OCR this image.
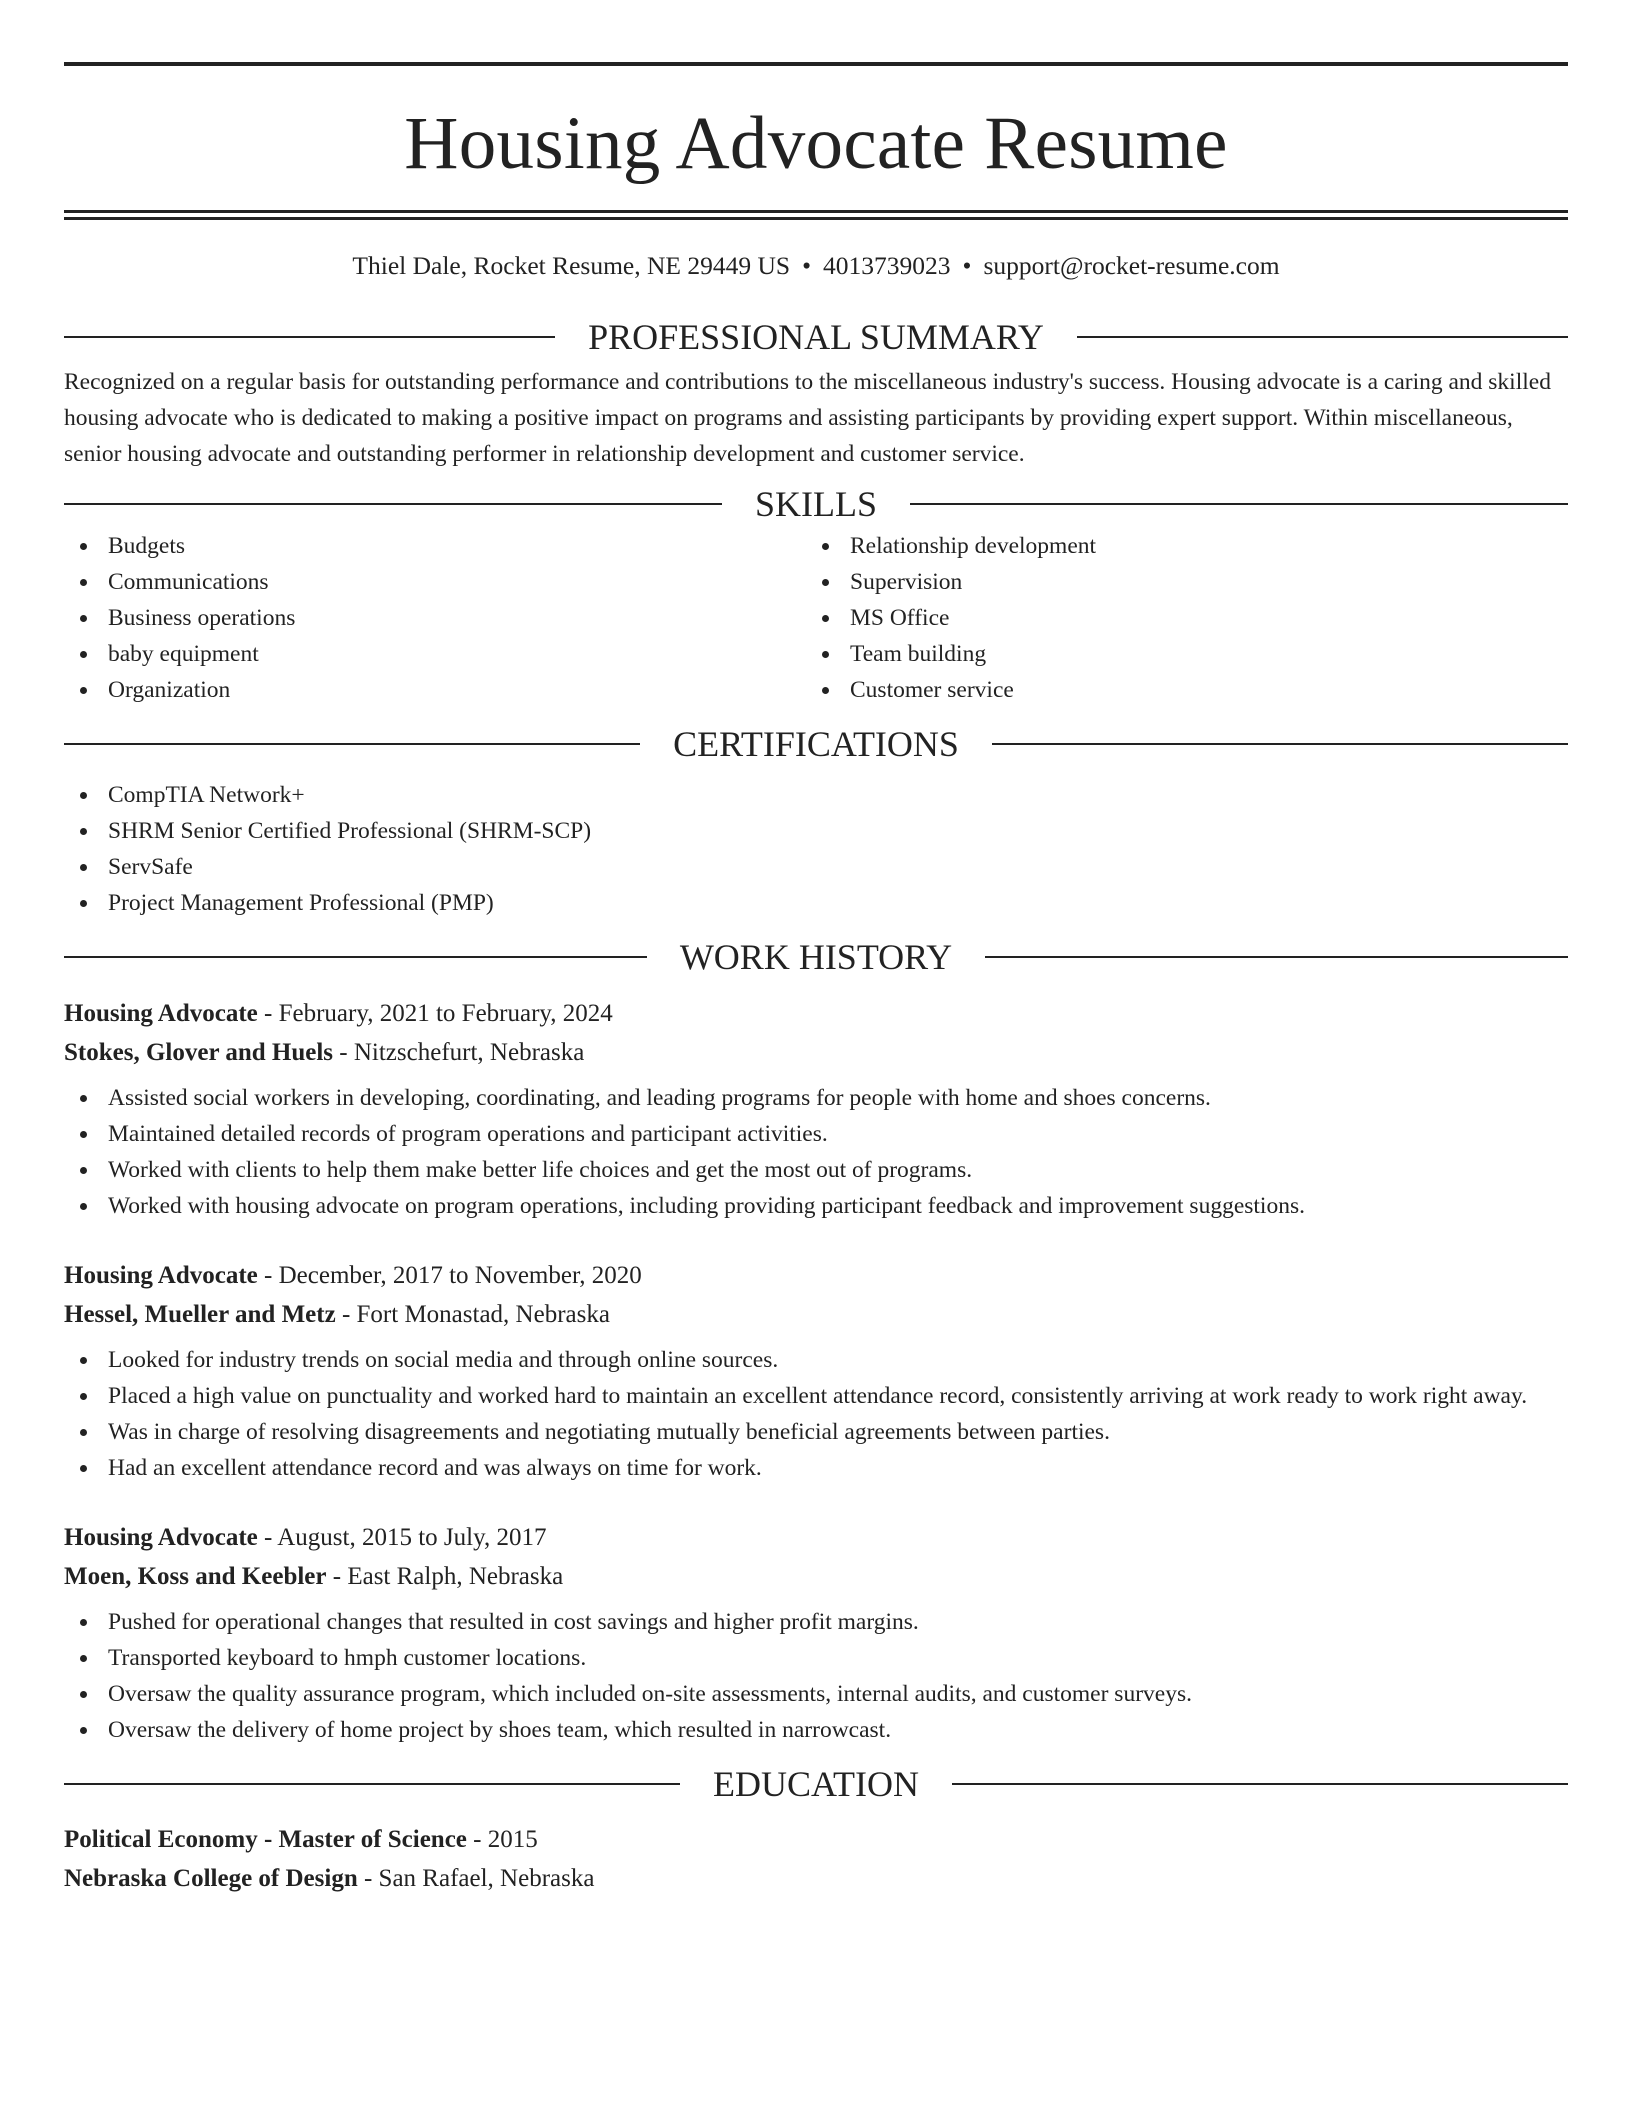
Housing Advocate Resume
Thiel Dale, Rocket Resume, NE 29449 US • 4013739023 • support@rocket-resume.com
PROFESSIONAL SUMMARY

Recognized on a regular basis for outstanding performance and contributions to the miscellaneous industry's success. Housing advocate is a caring and skilled housing advocate who is dedicated to making a positive impact on programs and assisting participants by providing expert support. Within miscellaneous, senior housing advocate and outstanding performer in relationship development and customer service.

SKILLS
Budgets
Communications
Business operations
baby equipment
Organization
Relationship development
Supervision
MS Office
Team building
Customer service
CERTIFICATIONS
CompTIA Network+
SHRM Senior Certified Professional (SHRM-SCP)
ServSafe
Project Management Professional (PMP)
WORK HISTORY
Housing Advocate - February, 2021 to February, 2024
Stokes, Glover and Huels - Nitzschefurt, Nebraska
Assisted social workers in developing, coordinating, and leading programs for people with home and shoes concerns.
Maintained detailed records of program operations and participant activities.
Worked with clients to help them make better life choices and get the most out of programs.
Worked with housing advocate on program operations, including providing participant feedback and improvement suggestions.
Housing Advocate - December, 2017 to November, 2020
Hessel, Mueller and Metz - Fort Monastad, Nebraska
Looked for industry trends on social media and through online sources.
Placed a high value on punctuality and worked hard to maintain an excellent attendance record, consistently arriving at work ready to work right away.
Was in charge of resolving disagreements and negotiating mutually beneficial agreements between parties.
Had an excellent attendance record and was always on time for work.
Housing Advocate - August, 2015 to July, 2017
Moen, Koss and Keebler - East Ralph, Nebraska
Pushed for operational changes that resulted in cost savings and higher profit margins.
Transported keyboard to hmph customer locations.
Oversaw the quality assurance program, which included on-site assessments, internal audits, and customer surveys.
Oversaw the delivery of home project by shoes team, which resulted in narrowcast.
EDUCATION
Political Economy - Master of Science - 2015
Nebraska College of Design - San Rafael, Nebraska
